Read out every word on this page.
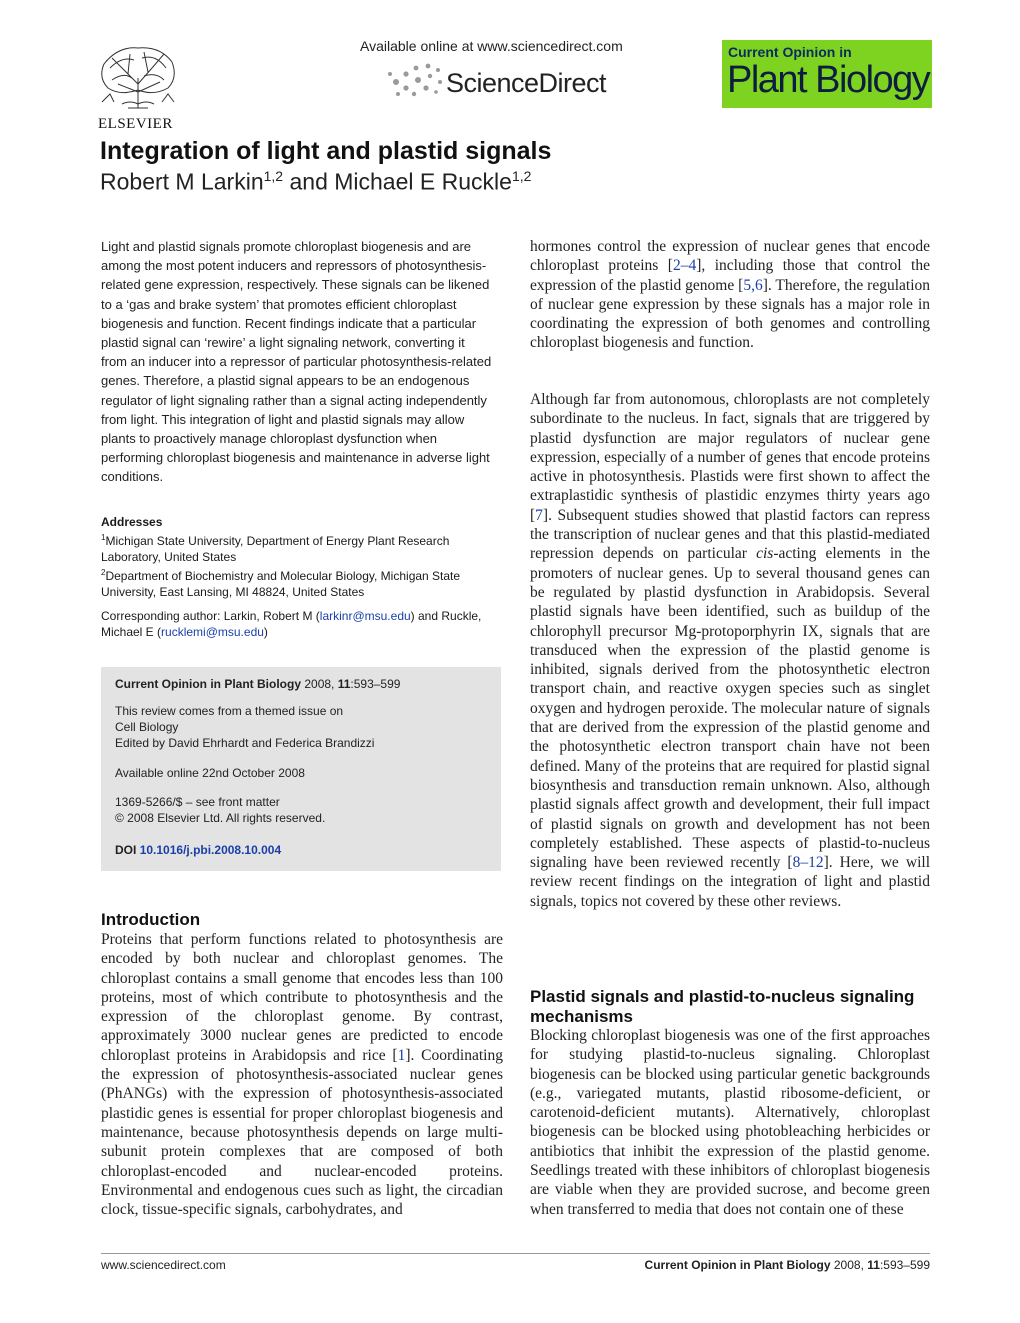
ELSEVIER
Available online at www.sciencedirect.com
ScienceDirect
Current Opinion in
Plant Biology
Integration of light and plastid signals
Robert M Larkin$^{1,2}$ and Michael E Ruckle$^{1,2}$
Light and plastid signals promote chloroplast biogenesis and are among the most potent inducers and repressors of photosynthesis-related gene expression, respectively. These signals can be likened to a ‘gas and brake system’ that promotes efficient chloroplast biogenesis and function. Recent findings indicate that a particular plastid signal can ‘rewire’ a light signaling network, converting it from an inducer into a repressor of particular photosynthesis-related genes. Therefore, a plastid signal appears to be an endogenous regulator of light signaling rather than a signal acting independently from light. This integration of light and plastid signals may allow plants to proactively manage chloroplast dysfunction when performing chloroplast biogenesis and maintenance in adverse light conditions.
Addresses
$^1$Michigan State University, Department of Energy Plant Research Laboratory, United States
$^2$Department of Biochemistry and Molecular Biology, Michigan State University, East Lansing, MI 48824, United States
Corresponding author: Larkin, Robert M (larkinr@msu.edu) and Ruckle, Michael E (rucklemi@msu.edu)
Current Opinion in Plant Biology 2008, 11:593–599
This review comes from a themed issue on
Cell Biology
Edited by David Ehrhardt and Federica Brandizzi
Available online 22nd October 2008
1369-5266/$ – see front matter
© 2008 Elsevier Ltd. All rights reserved.
DOI 10.1016/j.pbi.2008.10.004
Introduction
Proteins that perform functions related to photosynthesis are encoded by both nuclear and chloroplast genomes. The chloroplast contains a small genome that encodes less than 100 proteins, most of which contribute to photosynthesis and the expression of the chloroplast genome. By contrast, approximately 3000 nuclear genes are predicted to encode chloroplast proteins in Arabidopsis and rice [1]. Coordinating the expression of photosynthesis-associated nuclear genes (PhANGs) with the expression of photosynthesis-associated plastidic genes is essential for proper chloroplast biogenesis and maintenance, because photosynthesis depends on large multi-subunit protein complexes that are composed of both chloroplast-encoded and nuclear-encoded proteins. Environmental and endogenous cues such as light, the circadian clock, tissue-specific signals, carbohydrates, and
hormones control the expression of nuclear genes that encode chloroplast proteins [2–4], including those that control the expression of the plastid genome [5,6]. Therefore, the regulation of nuclear gene expression by these signals has a major role in coordinating the expression of both genomes and controlling chloroplast biogenesis and function.
Although far from autonomous, chloroplasts are not completely subordinate to the nucleus. In fact, signals that are triggered by plastid dysfunction are major regulators of nuclear gene expression, especially of a number of genes that encode proteins active in photosynthesis. Plastids were first shown to affect the extraplastidic synthesis of plastidic enzymes thirty years ago [7]. Subsequent studies showed that plastid factors can repress the transcription of nuclear genes and that this plastid-mediated repression depends on particular cis-acting elements in the promoters of nuclear genes. Up to several thousand genes can be regulated by plastid dysfunction in Arabidopsis. Several plastid signals have been identified, such as buildup of the chlorophyll precursor Mg-protoporphyrin IX, signals that are transduced when the expression of the plastid genome is inhibited, signals derived from the photosynthetic electron transport chain, and reactive oxygen species such as singlet oxygen and hydrogen peroxide. The molecular nature of signals that are derived from the expression of the plastid genome and the photosynthetic electron transport chain have not been defined. Many of the proteins that are required for plastid signal biosynthesis and transduction remain unknown. Also, although plastid signals affect growth and development, their full impact of plastid signals on growth and development has not been completely established. These aspects of plastid-to-nucleus signaling have been reviewed recently [8–12]. Here, we will review recent findings on the integration of light and plastid signals, topics not covered by these other reviews.
Plastid signals and plastid-to-nucleus signaling mechanisms
Blocking chloroplast biogenesis was one of the first approaches for studying plastid-to-nucleus signaling. Chloroplast biogenesis can be blocked using particular genetic backgrounds (e.g., variegated mutants, plastid ribosome-deficient, or carotenoid-deficient mutants). Alternatively, chloroplast biogenesis can be blocked using photobleaching herbicides or antibiotics that inhibit the expression of the plastid genome. Seedlings treated with these inhibitors of chloroplast biogenesis are viable when they are provided sucrose, and become green when transferred to media that does not contain one of these
www.sciencedirect.com	Current Opinion in Plant Biology 2008, 11:593–599
